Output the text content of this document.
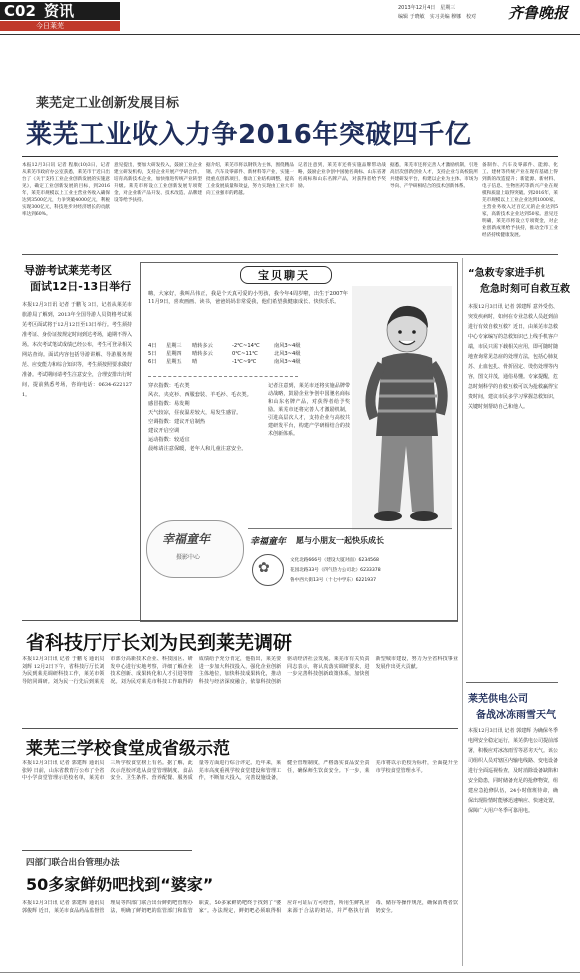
C02 资讯
今日莱芜
2013年12月4日　星期三
编辑 于晓敏　实习美编 穆娜　校对 齐鲁晚报
莱芜定工业创新发展目标
莱芜工业收入力争2016年突破四千亿
本报12月3日讯 记者 程康(10)3日，记者从莱芜市政府办公室获悉，莱芜市于近日出台了《关于支持工业企业创新发展的实施意见》，确定工业创新发展的目标，到2016年，莱芜市规模以上工业主营业务收入确保达到3500亿元，力争突破4000亿元，利税实现300亿元，科技进步对经济增长的贡献率达到60%。
意见提出，要加大研发投入，鼓励工业企业建立研发机构，支持企业开展产学研合作，培育高新技术企业，加快推进传统产业转型升级。莱芜市将设立工业创新发展专项资金，对企业新产品开发、技术改造、品牌建设等给予扶持。
据介绍，莱芜市将以钢铁为主体，围绕精品钢、汽车及零部件、新材料等产业，实施一批重点创新项目，推动工业结构调整，提高工业发展质量和效益，努力实现由工业大市向工业强市的跨越。
记者注意到，莱芜市还将实施品牌带动战略，鼓励企业争创中国驰名商标、山东省著名商标和山东名牌产品，对获得者给予奖励。
据悉，莱芜市还将完善人才激励机制，引进高层次创新创业人才，支持企业与高校院所共建研发平台，构建以企业为主体、市场为导向、产学研相结合的技术创新体系。
备制作、汽车及零部件、能源、化工、建材等传统产业在现有基础上得到新的改造提升；新能源、新材料、电子信息、生物医药等新兴产业在规模和质量上取得突破。到2016年，莱芜市规模以上工业企业达到1000家，主营业务收入过百亿元的企业达到5家，高新技术企业达到50家。意见还明确，莱芜市将设立专项资金，对企业创新成果给予扶持，推动全市工业经济持续健康发展。
导游考试莱芜考区
面试12日-13日举行
本报12月3日讯 记者 于鹏飞 3日，记者从莱芜市旅游局了解到，2013年全国导游人员资格考试莱芜考区面试将于12月12日至13日举行。考生须持准考证、身份证按规定时间到达考场，逾期不得入场。本次考试笔试成绩已经公布，考生可登录相关网站查询。面试内容包括导游讲解、导游服务规范、应变能力和综合知识等，考生须按照要求做好准备。考试期间请考生注意安全，合理安排出行时间，提前熟悉考场，咨询电话：0634-6221271。
宝贝聊天
嗨，大家好，我叫吕伟正，我是个天真可爱的小男孩，我今年4周岁啦，出生于2007年11月9日，喜欢画画、读书，爸爸妈妈非常爱我，他们希望我健康成长、快快乐乐。
4日	星期三	晴转多云	-2℃~14℃	南风3~4级
5日	星期四	晴转多云	0℃~11℃	北风3~4级
6日	星期五	晴	-1℃~9℃	南风3~4级
穿衣指数：毛衣类
风衣、夹克衫、西服套装、羊毛衫、毛衣类。
感冒指数：易发期
天气较凉，昼夜温差较大，易发生感冒。
空调指数：建议开启制热
建议开启空调
运动指数：较适宜
晨练请注意保暖，老年人和儿童注意安全。
记者注意到，莱芜市还将实施品牌带动战略，鼓励企业争创中国驰名商标和山东名牌产品，对获得者给予奖励。莱芜市还将完善人才激励机制，引进高层次人才，支持企业与高校共建研发平台，构建产学研相结合的技术创新体系。
幸福童年
摄影中心
幸福童年 愿与小朋友一起快乐成长
✿	文化北路666号（建设大厦对面）6234568
花园北路33号（四气热力公司北）6233378
鲁中西大街13号（十七中学东）6221937
“急救专家进手机
危急时刻可自救互救
本报12月3日讯 记者 郭建辉 意外受伤、突发疾病时，如何在专业急救人员赶到前进行有效自救互救？近日，由莱芜市急救中心专家编写的急救知识已上线手机客户端，市民只需下载相关应用，即可随时随地查询常见急症的处理方法，包括心肺复苏、止血包扎、骨折固定、烫伤处理等内容，图文并茂，通俗易懂。专家提醒，危急时刻科学的自救互救可以为抢救赢得宝贵时间，建议市民多学习掌握急救知识，关键时刻帮助自己和他人。
莱芜供电公司
备战冰冻雨雪天气
本报12月3日讯 记者 郭建辉 为确保冬季电网安全稳定运行，莱芜供电公司提前部署，积极应对冰冻雨雪等恶劣天气。该公司组织人员对辖区内输电线路、变电设备进行全面巡视检查，及时消除设备缺陷和安全隐患，同时储备充足的抢修物资，组建应急抢修队伍，24小时值班待命，确保出现险情时能够迅速响应、快速处置，保障广大用户冬季可靠用电。
省科技厅厅长刘为民到莱芜调研
本报12月3日讯 记者 于鹏飞 通讯员 刘辉 12月2日下午，省科技厅厅长刘为民到莱芜调研科技工作，莱芜市领导陪同调研。刘为民一行先后到莱芜市部分高新技术企业、科技园区、研发中心进行实地考察，详细了解企业技术创新、成果转化和人才引进等情况。刘为民对莱芜市科技工作取得的成绩给予充分肯定，他指出，莱芜要进一步加大科技投入，强化企业创新主体地位，加快科技成果转化，推动科技与经济深度融合，依靠科技创新驱动经济社会发展。莱芜市有关负责同志表示，将认真落实调研要求，进一步完善科技创新政策体系，加快创新型城市建设，努力为全省科技事业发展作出更大贡献。
莱芜三学校食堂成省级示范
本报12月3日讯 记者 郭建辉 通讯员 张婷 日前，山东省教育厅公布了全省中小学食堂管理示范校名单，莱芜市三所学校食堂榜上有名。据了解，此次示范校评选从食堂管理制度、食品安全、卫生条件、营养配餐、服务质量等方面进行综合评定。近年来，莱芜市高度重视学校食堂建设和管理工作，不断加大投入，完善设施设备，健全管理制度，严格落实食品安全责任，确保师生饮食安全。下一步，莱芜市将以示范校为标杆，全面提升全市学校食堂管理水平。
四部门联合出台管理办法
50多家鲜奶吧找到“婆家”
本报12月3日讯 记者 郭建辉 通讯员 郭俊辉 近日，莱芜市食品药品监督管理局等四部门联合出台鲜奶吧管理办法，明确了鲜奶吧的监管部门和监管职责，50多家鲜奶吧终于找到了“婆家”。办法规定，鲜奶吧必须取得相应许可证后方可经营，所用生鲜乳应来源于合法的奶站，并严格执行消毒、储存等操作规范，确保消费者饮奶安全。
